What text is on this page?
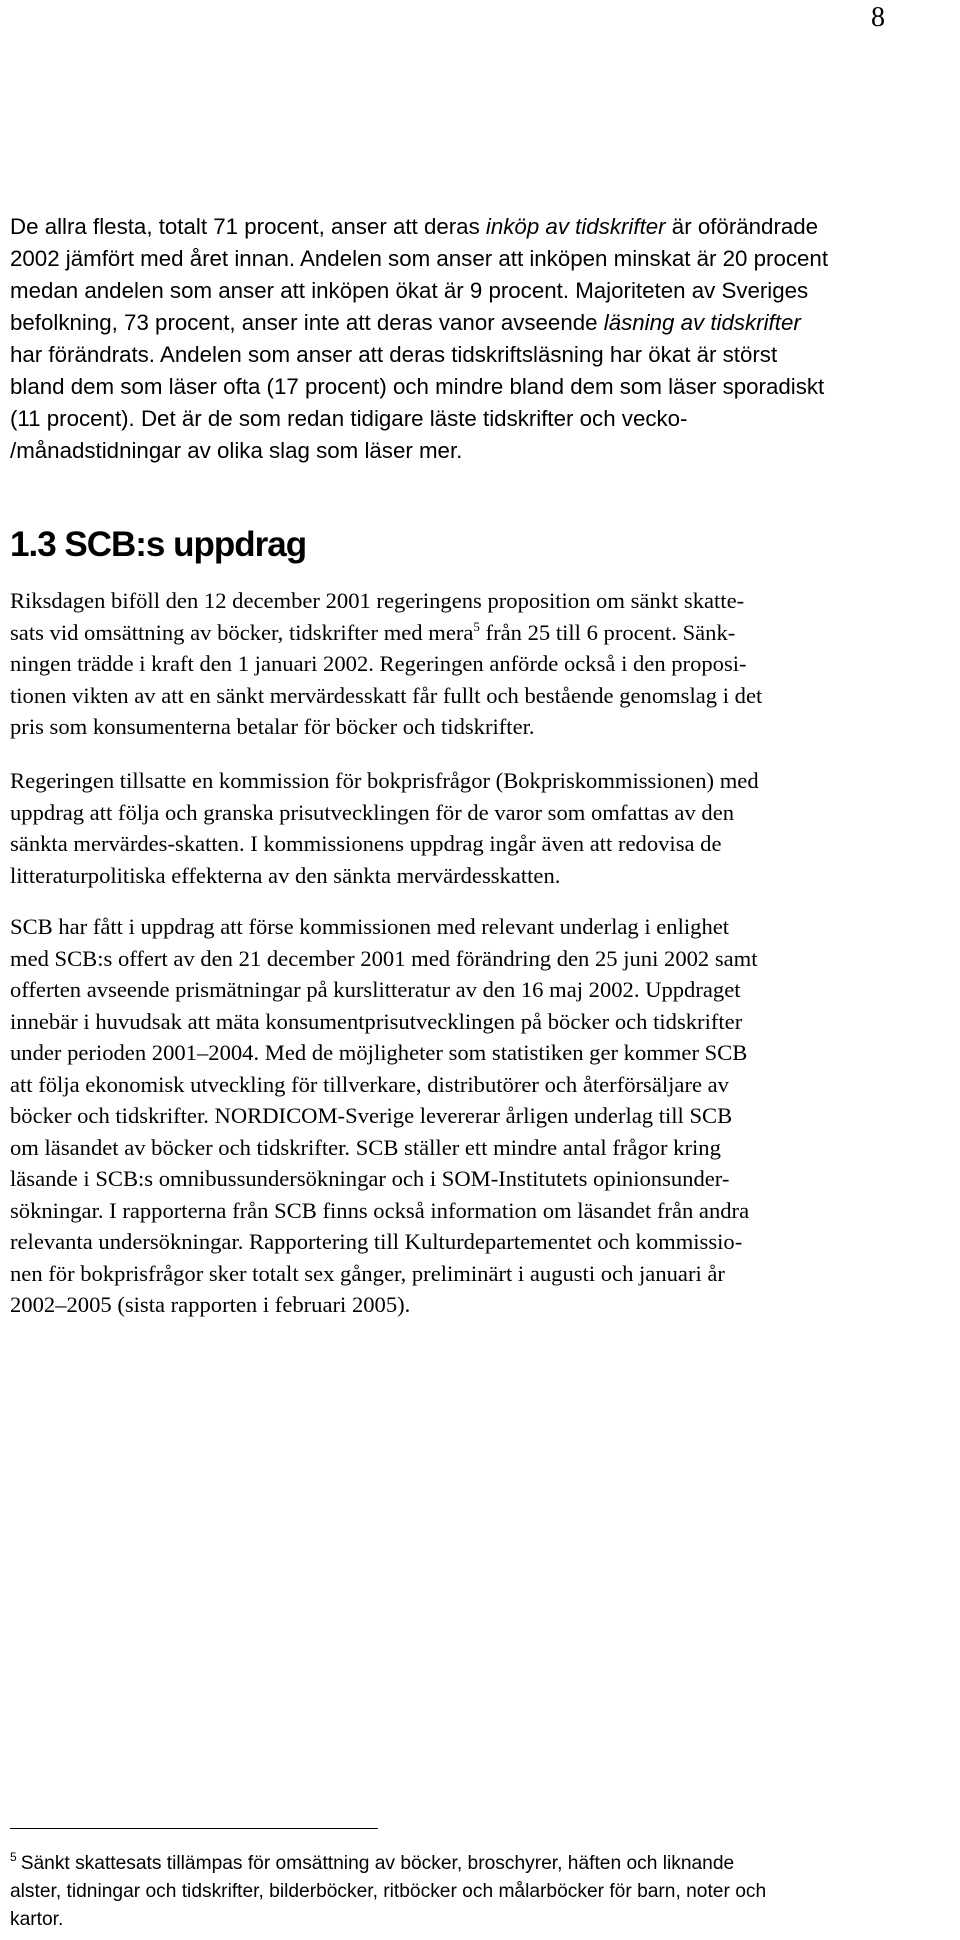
8

De allra flesta, totalt 71 procent, anser att deras inköp av tidskrifter är oförändrade
2002 jämfört med året innan. Andelen som anser att inköpen minskat är 20 procent
medan andelen som anser att inköpen ökat är 9 procent. Majoriteten av Sveriges
befolkning, 73 procent, anser inte att deras vanor avseende läsning av tidskrifter
har förändrats. Andelen som anser att deras tidskriftsläsning har ökat är störst
bland dem som läser ofta (17 procent) och mindre bland dem som läser sporadiskt
(11 procent). Det är de som redan tidigare läste tidskrifter och vecko-
/månadstidningar av olika slag som läser mer.

1.3 SCB:s uppdrag

Riksdagen biföll den 12 december 2001 regeringens proposition om sänkt skatte-
sats vid omsättning av böcker, tidskrifter med mera$^5$ från 25 till 6 procent. Sänk-
ningen trädde i kraft den 1 januari 2002. Regeringen anförde också i den proposi-
tionen vikten av att en sänkt mervärdesskatt får fullt och bestående genomslag i det
pris som konsumenterna betalar för böcker och tidskrifter.

Regeringen tillsatte en kommission för bokprisfrågor (Bokpriskommissionen) med
uppdrag att följa och granska prisutvecklingen för de varor som omfattas av den
sänkta mervärdes-skatten. I kommissionens uppdrag ingår även att redovisa de
litteraturpolitiska effekterna av den sänkta mervärdesskatten.

SCB har fått i uppdrag att förse kommissionen med relevant underlag i enlighet
med SCB:s offert av den 21 december 2001 med förändring den 25 juni 2002 samt
offerten avseende prismätningar på kurslitteratur av den 16 maj 2002. Uppdraget
innebär i huvudsak att mäta konsumentprisutvecklingen på böcker och tidskrifter
under perioden 2001–2004. Med de möjligheter som statistiken ger kommer SCB
att följa ekonomisk utveckling för tillverkare, distributörer och återförsäljare av
böcker och tidskrifter. NORDICOM-Sverige levererar årligen underlag till SCB
om läsandet av böcker och tidskrifter. SCB ställer ett mindre antal frågor kring
läsande i SCB:s omnibussundersökningar och i SOM-Institutets opinionsunder-
sökningar. I rapporterna från SCB finns också information om läsandet från andra
relevanta undersökningar. Rapportering till Kulturdepartementet och kommissio-
nen för bokprisfrågor sker totalt sex gånger, preliminärt i augusti och januari år
2002–2005 (sista rapporten i februari 2005).

$^5$ Sänkt skattesats tillämpas för omsättning av böcker, broschyrer, häften och liknande
alster, tidningar och tidskrifter, bilderböcker, ritböcker och målarböcker för barn, noter och
kartor.
